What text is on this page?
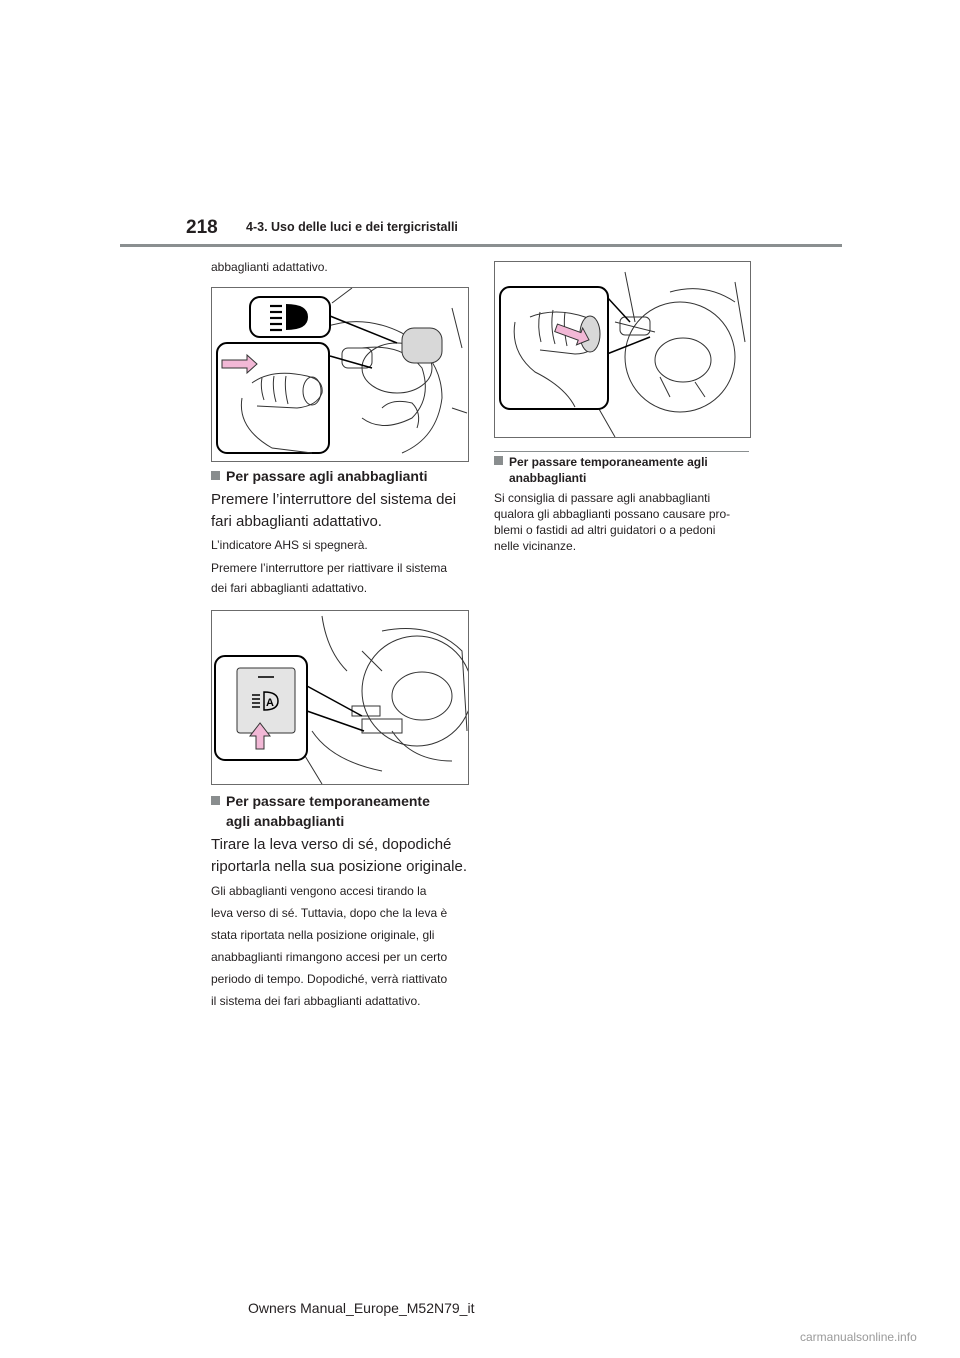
218 4-3. Uso delle luci e dei tergicristalli
abbaglianti adattativo.
Per passare agli anabbaglianti
Premere l’interruttore del sistema dei
fari abbaglianti adattativo.
L’indicatore AHS si spegnerà.
Premere l’interruttore per riattivare il sistema
dei fari abbaglianti adattativo.
A
Per passare temporaneamente
agli anabbaglianti
Tirare la leva verso di sé, dopodiché
riportarla nella sua posizione originale.
Gli abbaglianti vengono accesi tirando la
leva verso di sé. Tuttavia, dopo che la leva è
stata riportata nella posizione originale, gli
anabbaglianti rimangono accesi per un certo
periodo di tempo. Dopodiché, verrà riattivato
il sistema dei fari abbaglianti adattativo.
Per passare temporaneamente agli
anabbaglianti
Si consiglia di passare agli anabbaglianti
qualora gli abbaglianti possano causare pro-
blemi o fastidi ad altri guidatori o a pedoni
nelle vicinanze.
Owners Manual_Europe_M52N79_it
carmanualsonline.info
